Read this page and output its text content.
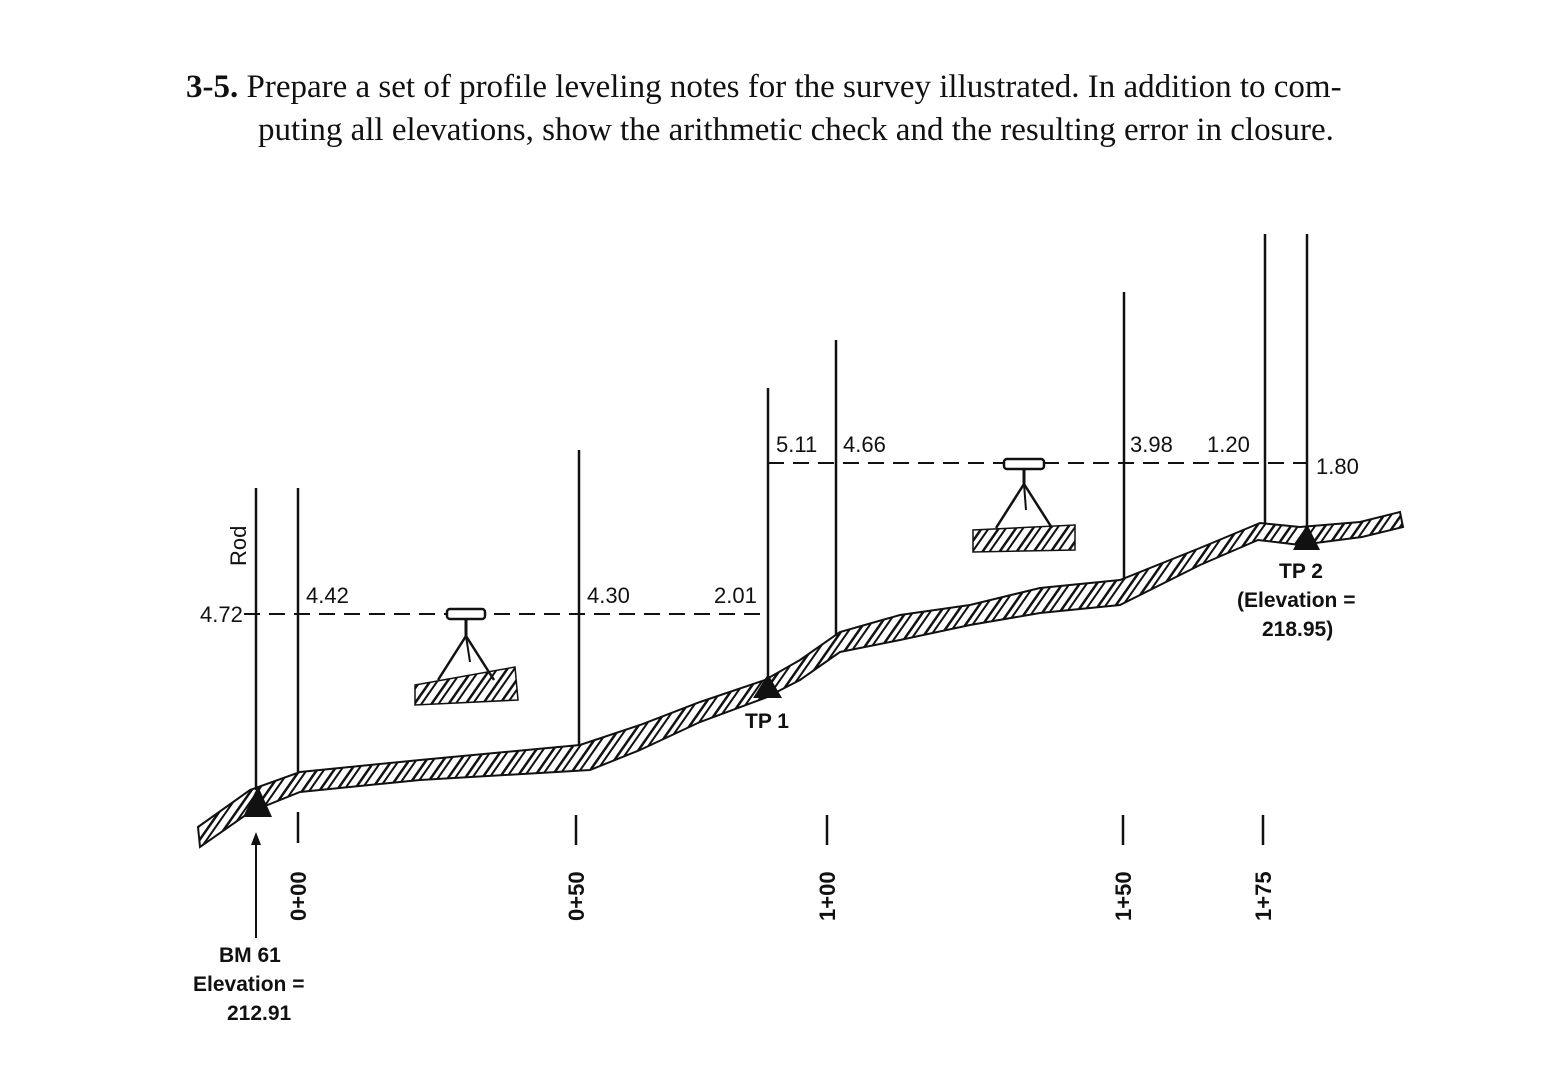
3-5. Prepare a set of profile leveling notes for the survey illustrated. In addition to com-
puting all elevations, show the arithmetic check and the resulting error in closure.
0+00	0+50	1+00	1+50	1+75
Rod
4.72
4.42	4.30	2.01
5.11 4.66	3.98 1.20
1.80
TP 1
TP 2
(Elevation =
218.95)
BM 61
Elevation =
212.91
